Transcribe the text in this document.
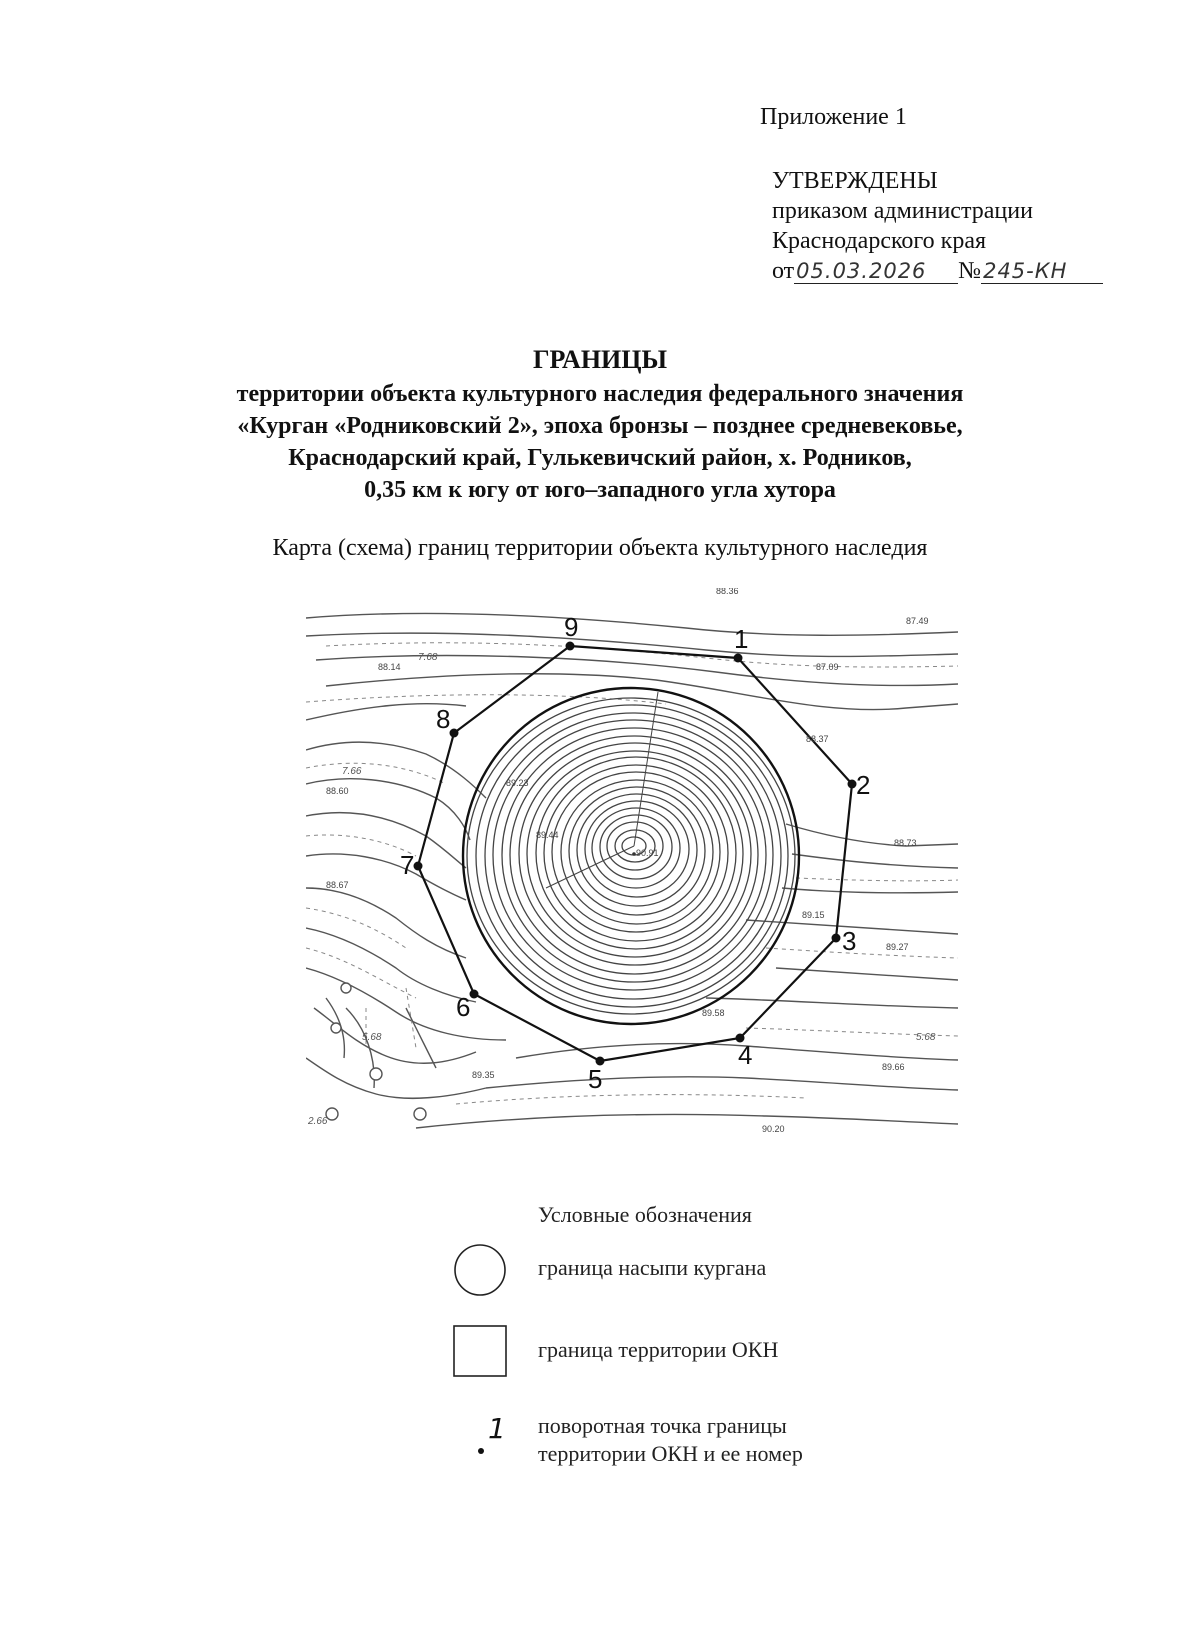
Приложение 1
УТВЕРЖДЕНЫ
приказом администрации
Краснодарского края
от05.03.2026 №245-КН
ГРАНИЦЫ
территории объекта культурного наследия федерального значения
«Курган «Родниковский 2», эпоха бронзы – позднее средневековье,
Краснодарский край, Гулькевичский район, х. Родников,
0,35 км к югу от юго–западного угла хутора
Карта (схема) границ территории объекта культурного наследия
1
2
3
4
5
6
7
8
9
88.36
87.49
88.14	87.09
88.37
88.60
88.73
88.67
89.15
89.27
89.58
89.66
89.35
90.20
90.91
89.44
89.23
7.68
7.66
5.68
5.68
2.66
Условные обозначения
граница насыпи кургана
граница территории ОКН
1 поворотная точка границы территории ОКН и ее номер
